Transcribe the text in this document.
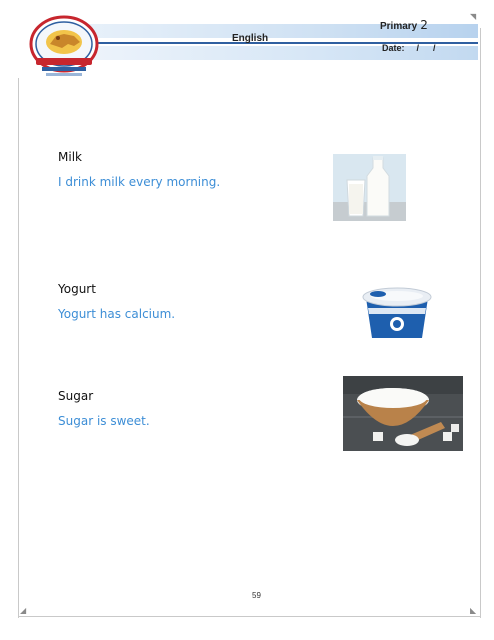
◢	◣
◥
English
Primary 2
Date: / /
Milk
I drink milk every morning.
Yogurt
Yogurt has calcium.
Sugar
Sugar is sweet.
59
